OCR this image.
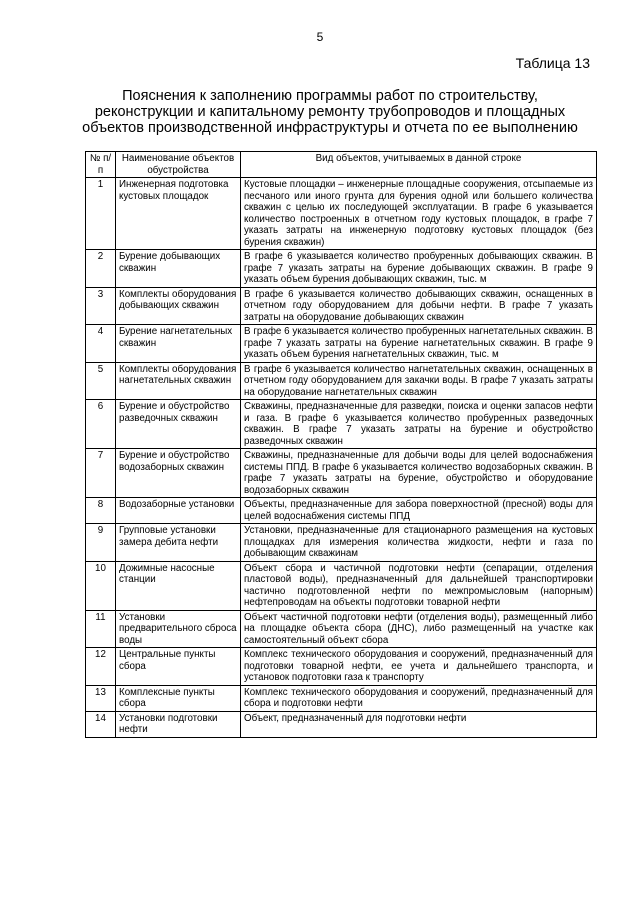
5
Таблица 13
Пояснения к заполнению программы работ по строительству,
реконструкции и капитальному ремонту трубопроводов и площадных
объектов производственной инфраструктуры и отчета по ее выполнению
№ п/п	Наименование объектов обустройства	Вид объектов, учитываемых в данной строке
1	Инженерная подготовка кустовых площадок	Кустовые площадки – инженерные площадные сооружения, отсыпаемые из песчаного или иного грунта для бурения одной или большего количества скважин с целью их последующей эксплуатации. В графе 6 указывается количество построенных в отчетном году кустовых площадок, в графе 7 указать затраты на инженерную подготовку кустовых площадок (без бурения скважин)
2	Бурение добывающих скважин	В графе 6 указывается количество пробуренных добывающих скважин. В графе 7 указать затраты на бурение добывающих скважин. В графе 9 указать объем бурения добывающих скважин, тыс. м
3	Комплекты оборудования добывающих скважин	В графе 6 указывается количество добывающих скважин, оснащенных в отчетном году оборудованием для добычи нефти. В графе 7 указать затраты на оборудование добывающих скважин
4	Бурение нагнетательных скважин	В графе 6 указывается количество пробуренных нагнетательных скважин. В графе 7 указать затраты на бурение нагнетательных скважин. В графе 9 указать объем бурения нагнетательных скважин, тыс. м
5	Комплекты оборудования нагнетательных скважин	В графе 6 указывается количество нагнетательных скважин, оснащенных в отчетном году оборудованием для закачки воды. В графе 7 указать затраты на оборудование нагнетательных скважин
6	Бурение и обустройство разведочных скважин	Скважины, предназначенные для разведки, поиска и оценки запасов нефти и газа. В графе 6 указывается количество пробуренных разведочных скважин. В графе 7 указать затраты на бурение и обустройство разведочных скважин
7	Бурение и обустройство водозаборных скважин	Скважины, предназначенные для добычи воды для целей водоснабжения системы ППД. В графе 6 указывается количество водозаборных скважин. В графе 7 указать затраты на бурение, обустройство и оборудование водозаборных скважин
8	Водозаборные установки	Объекты, предназначенные для забора поверхностной (пресной) воды для целей водоснабжения системы ППД
9	Групповые установки замера дебита нефти	Установки, предназначенные для стационарного размещения на кустовых площадках для измерения количества жидкости, нефти и газа по добывающим скважинам
10	Дожимные насосные станции	Объект сбора и частичной подготовки нефти (сепарации, отделения пластовой воды), предназначенный для дальнейшей транспортировки частично подготовленной нефти по межпромысловым (напорным) нефтепроводам на объекты подготовки товарной нефти
11	Установки предварительного сброса воды	Объект частичной подготовки нефти (отделения воды), размещенный либо на площадке объекта сбора (ДНС), либо размещенный на участке как самостоятельный объект сбора
12	Центральные пункты сбора	Комплекс технического оборудования и сооружений, предназначенный для подготовки товарной нефти, ее учета и дальнейшего транспорта, и установок подготовки газа к транспорту
13	Комплексные пункты сбора	Комплекс технического оборудования и сооружений, предназначенный для сбора и подготовки нефти
14	Установки подготовки нефти	Объект, предназначенный для подготовки нефти
